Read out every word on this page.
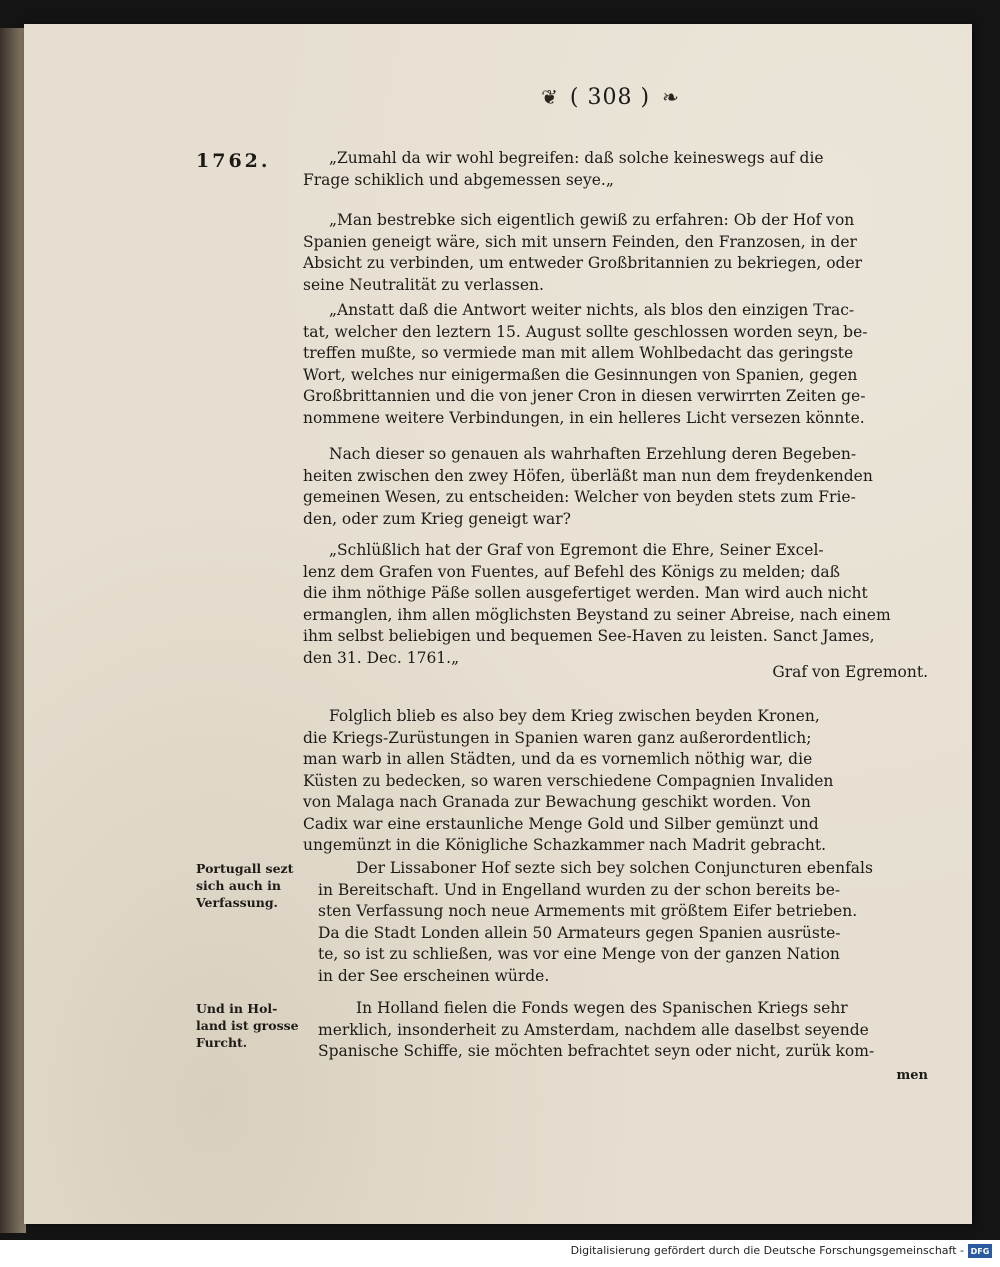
❦ ( 308 ) ❧
1762.	„Zumahl da wir wohl begreifen: daß solche keineswegs auf die
Frage schiklich und abgemessen seye.„

„Man bestrebke sich eigentlich gewiß zu erfahren: Ob der Hof von
Spanien geneigt wäre, sich mit unsern Feinden, den Franzosen, in der
Absicht zu verbinden, um entweder Großbritannien zu bekriegen, oder
seine Neutralität zu verlassen.

„Anstatt daß die Antwort weiter nichts, als blos den einzigen Trac-
tat, welcher den leztern 15. August sollte geschlossen worden seyn, be-
treffen mußte, so vermiede man mit allem Wohlbedacht das geringste
Wort, welches nur einigermaßen die Gesinnungen von Spanien, gegen
Großbrittannien und die von jener Cron in diesen verwirrten Zeiten ge-
nommene weitere Verbindungen, in ein helleres Licht versezen könnte.

Nach dieser so genauen als wahrhaften Erzehlung deren Begeben-
heiten zwischen den zwey Höfen, überläßt man nun dem freydenkenden
gemeinen Wesen, zu entscheiden: Welcher von beyden stets zum Frie-
den, oder zum Krieg geneigt war?

„Schlüßlich hat der Graf von Egremont die Ehre, Seiner Excel-
lenz dem Grafen von Fuentes, auf Befehl des Königs zu melden; daß
die ihm nöthige Päße sollen ausgefertiget werden. Man wird auch nicht
ermanglen, ihm allen möglichsten Beystand zu seiner Abreise, nach einem
ihm selbst beliebigen und bequemen See-Haven zu leisten. Sanct James,
den 31. Dec. 1761.„

Graf von Egremont.

Folglich blieb es also bey dem Krieg zwischen beyden Kronen,
die Kriegs-Zurüstungen in Spanien waren ganz außerordentlich;
man warb in allen Städten, und da es vornemlich nöthig war, die
Küsten zu bedecken, so waren verschiedene Compagnien Invaliden
von Malaga nach Granada zur Bewachung geschikt worden. Von
Cadix war eine erstaunliche Menge Gold und Silber gemünzt und
ungemünzt in die Königliche Schazkammer nach Madrit gebracht.

Portugall sezt
sich auch in
Verfassung.

Der Lissaboner Hof sezte sich bey solchen Conjuncturen ebenfals
in Bereitschaft. Und in Engelland wurden zu der schon bereits be-
sten Verfassung noch neue Armements mit größtem Eifer betrieben.
Da die Stadt Londen allein 50 Armateurs gegen Spanien ausrüste-
te, so ist zu schließen, was vor eine Menge von der ganzen Nation
in der See erscheinen würde.

Und in Hol-
land ist grosse
Furcht.

In Holland fielen die Fonds wegen des Spanischen Kriegs sehr
merklich, insonderheit zu Amsterdam, nachdem alle daselbst seyende
Spanische Schiffe, sie möchten befrachtet seyn oder nicht, zurük kom-

men
Digitalisierung gefördert durch die Deutsche Forschungsgemeinschaft - DFG
